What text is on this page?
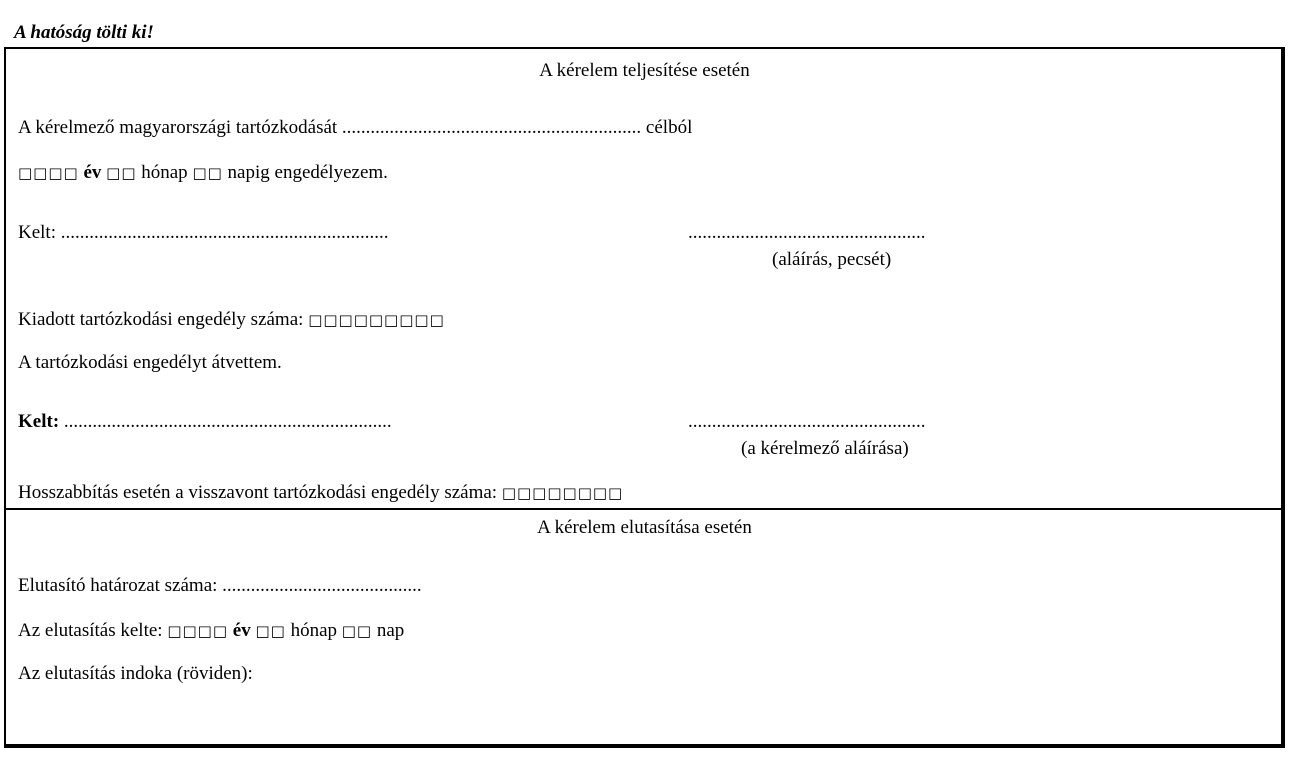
A hatóság tölti ki!
A kérelem teljesítése esetén
A kérelmező magyarországi tartózkodását ............................................................... célból
□□□□ év □□ hónap □□ napig engedélyezem.
Kelt: .....................................................................	..................................................
(aláírás, pecsét)
Kiadott tartózkodási engedély száma: □□□□□□□□□
A tartózkodási engedélyt átvettem.
Kelt: .....................................................................	..................................................
(a kérelmező aláírása)
Hosszabbítás esetén a visszavont tartózkodási engedély száma: □□□□□□□□
A kérelem elutasítása esetén
Elutasító határozat száma: ..........................................
Az elutasítás kelte: □□□□ év □□ hónap □□ nap
Az elutasítás indoka (röviden):
